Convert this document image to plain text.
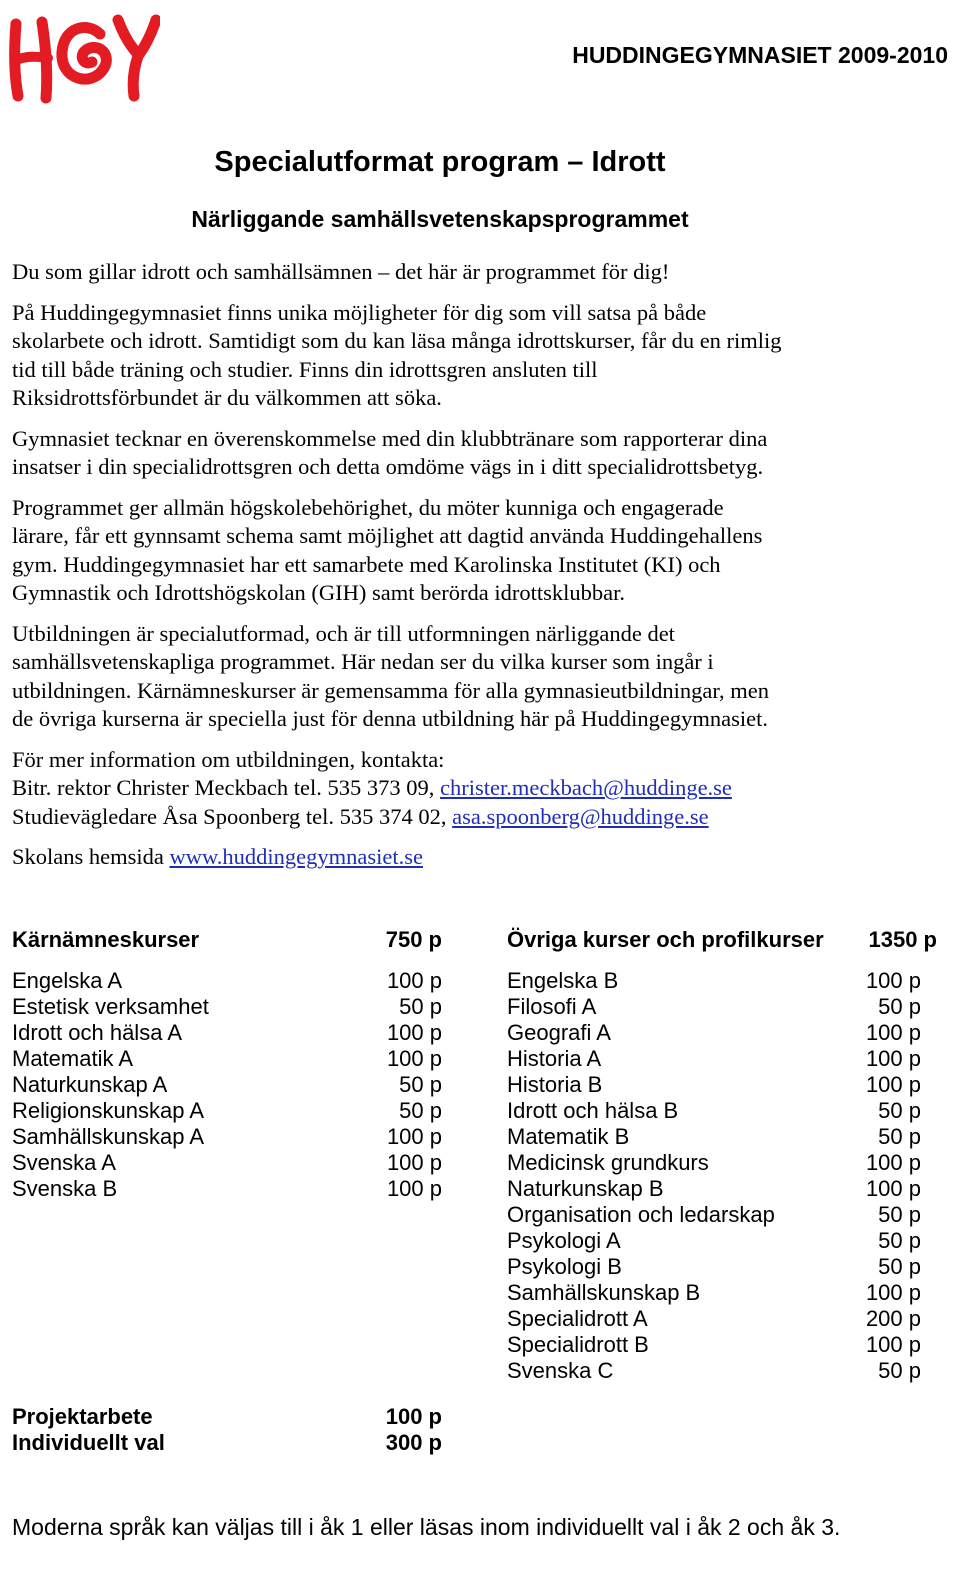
HUDDINGEGYMNASIET 2009-2010
Specialutformat program – Idrott
Närliggande samhällsvetenskapsprogrammet

Du som gillar idrott och samhällsämnen – det här är programmet för dig!

På Huddingegymnasiet finns unika möjligheter för dig som vill satsa på både
skolarbete och idrott. Samtidigt som du kan läsa många idrottskurser, får du en rimlig
tid till både träning och studier. Finns din idrottsgren ansluten till
Riksidrottsförbundet är du välkommen att söka.

Gymnasiet tecknar en överenskommelse med din klubbtränare som rapporterar dina
insatser i din specialidrottsgren och detta omdöme vägs in i ditt specialidrottsbetyg.

Programmet ger allmän högskolebehörighet, du möter kunniga och engagerade
lärare, får ett gynnsamt schema samt möjlighet att dagtid använda Huddingehallens
gym. Huddingegymnasiet har ett samarbete med Karolinska Institutet (KI) och
Gymnastik och Idrottshögskolan (GIH) samt berörda idrottsklubbar.

Utbildningen är specialutformad, och är till utformningen närliggande det
samhällsvetenskapliga programmet. Här nedan ser du vilka kurser som ingår i
utbildningen. Kärnämneskurser är gemensamma för alla gymnasieutbildningar, men
de övriga kurserna är speciella just för denna utbildning här på Huddingegymnasiet.

För mer information om utbildningen, kontakta:
Bitr. rektor Christer Meckbach tel. 535 373 09, christer.meckbach@huddinge.se
Studievägledare Åsa Spoonberg tel. 535 374 02, asa.spoonberg@huddinge.se

Skolans hemsida www.huddingegymnasiet.se

Kärnämneskurser	750 p
Engelska A	100 p
Estetisk verksamhet	50 p
Idrott och hälsa A	100 p
Matematik A	100 p
Naturkunskap A	50 p
Religionskunskap A	50 p
Samhällskunskap A	100 p
Svenska A	100 p
Svenska B	100 p
Övriga kurser och profilkurser 1350 p
Engelska B	100 p
Filosofi A	50 p
Geografi A	100 p
Historia A	100 p
Historia B	100 p
Idrott och hälsa B	50 p
Matematik B	50 p
Medicinsk grundkurs	100 p
Naturkunskap B	100 p
Organisation och ledarskap	50 p
Psykologi A	50 p
Psykologi B	50 p
Samhällskunskap B	100 p
Specialidrott A	200 p
Specialidrott B	100 p
Svenska C	50 p
Projektarbete	100 p
Individuellt val	300 p
Moderna språk kan väljas till i åk 1 eller läsas inom individuellt val i åk 2 och åk 3.
